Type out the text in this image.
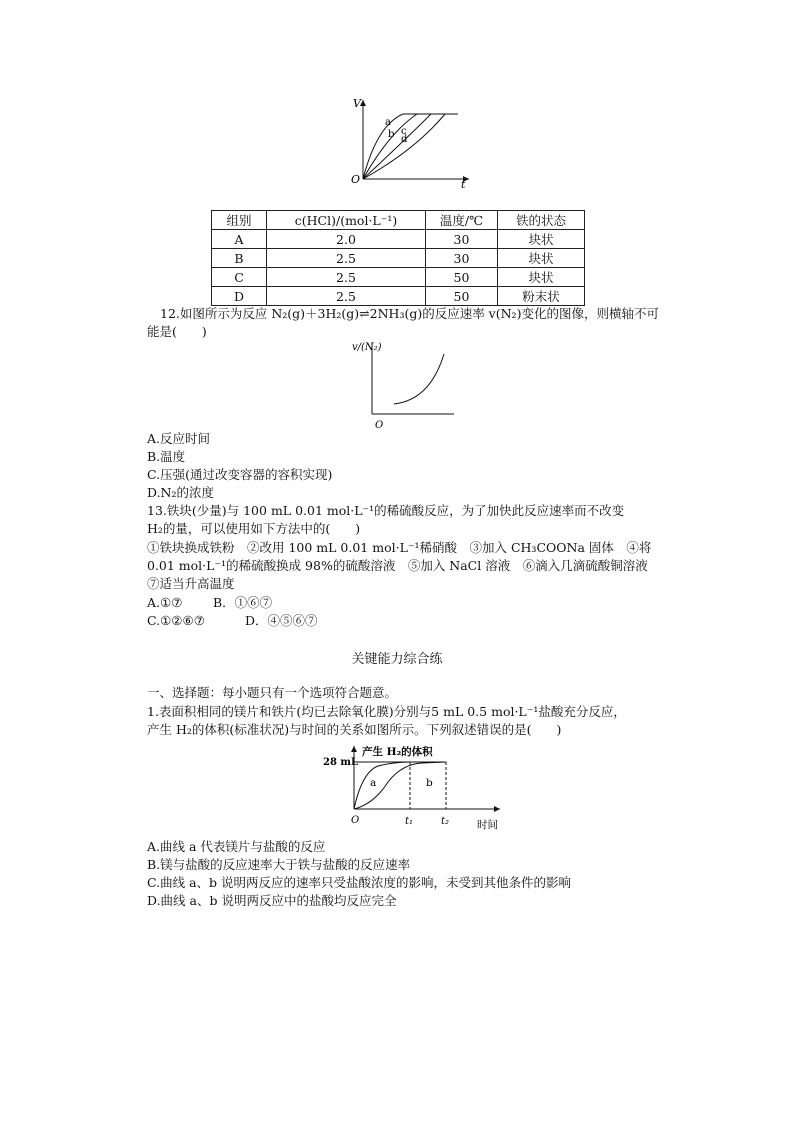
V
t
O
a
b c
d
组别	c(HCl)/(mol·L⁻¹)	温度/℃	铁的状态
A	2.0	30	块状
B	2.5	30	块状
C	2.5	50	块状
D	2.5	50	粉末状
12.如图所示为反应 N₂(g)＋3H₂(g)⇌2NH₃(g)的反应速率 v(N₂)变化的图像，则横轴不可
能是(　　)
v/(N₂)
O
A.反应时间
B.温度
C.压强(通过改变容器的容积实现)
D.N₂的浓度
13.铁块(少量)与 100 mL 0.01 mol·L⁻¹的稀硫酸反应，为了加快此反应速率而不改变
H₂的量，可以使用如下方法中的(　　)
①铁块换成铁粉　②改用 100 mL 0.01 mol·L⁻¹稀硝酸　③加入 CH₃COONa 固体　④将
0.01 mol·L⁻¹的稀硫酸换成 98%的硫酸溶液　⑤加入 NaCl 溶液　⑥滴入几滴硫酸铜溶液
⑦适当升高温度
A.①⑦ B．①⑥⑦
C.①②⑥⑦	D．④⑤⑥⑦
关键能力综合练
一、选择题：每小题只有一个选项符合题意。
1.表面积相同的镁片和铁片(均已去除氧化膜)分别与5 mL 0.5 mol·L⁻¹盐酸充分反应，
产生 H₂的体积(标准状况)与时间的关系如图所示。下列叙述错误的是(　　)
产生 H₂的体积
28 mL
a	b
O	t₁	t₂	时间
A.曲线 a 代表镁片与盐酸的反应
B.镁与盐酸的反应速率大于铁与盐酸的反应速率
C.曲线 a、b 说明两反应的速率只受盐酸浓度的影响，未受到其他条件的影响
D.曲线 a、b 说明两反应中的盐酸均反应完全
